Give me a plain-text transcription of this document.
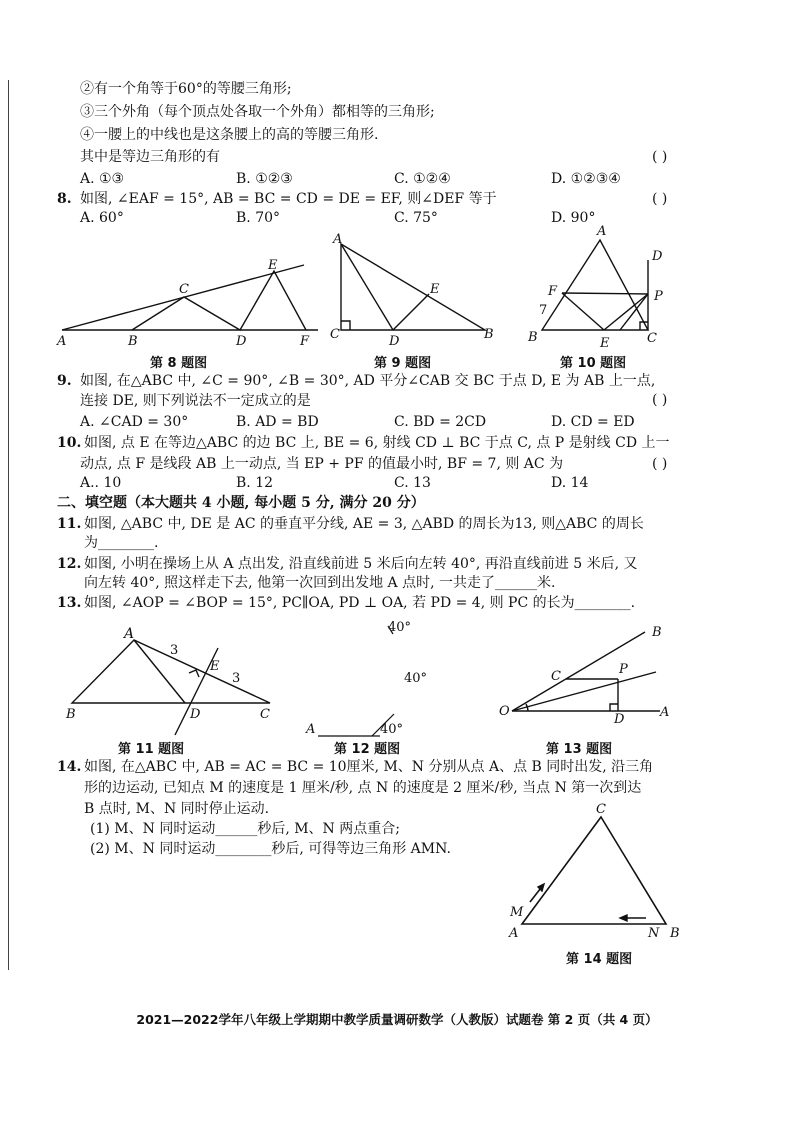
②有一个角等于60°的等腰三角形;
③三个外角（每个顶点处各取一个外角）都相等的三角形;
④一腰上的中线也是这条腰上的高的等腰三角形.
其中是等边三角形的有	( )
A. ①③	B. ①②③	C. ①②④	D. ①②③④
8. 如图, ∠EAF = 15°, AB = BC = CD = DE = EF, 则∠DEF 等于	( )
A. 60°	B. 70°	C. 75°	D. 90°
A	B
C
D
E
F
A
C	D
E
B
A
D
F	P
B	E	C
7
A
3
E
3
B	D	C
40°
40°
A	40°
B
C	P
O
D	A
C
M
A	N B
第 8 题图	第 9 题图	第 10 题图
9. 如图, 在△ABC 中, ∠C = 90°, ∠B = 30°, AD 平分∠CAB 交 BC 于点 D, E 为 AB 上一点,
连接 DE, 则下列说法不一定成立的是	( )
A. ∠CAD = 30°	B. AD = BD	C. BD = 2CD	D. CD = ED
10. 如图, 点 E 在等边△ABC 的边 BC 上, BE = 6, 射线 CD ⊥ BC 于点 C, 点 P 是射线 CD 上一
动点, 点 F 是线段 AB 上一动点, 当 EP + PF 的值最小时, BF = 7, 则 AC 为	( )
A.. 10	B. 12	C. 13	D. 14
二、填空题（本大题共 4 小题, 每小题 5 分, 满分 20 分）
11. 如图, △ABC 中, DE 是 AC 的垂直平分线, AE = 3, △ABD 的周长为13, 则△ABC 的周长
为________.
12. 如图, 小明在操场上从 A 点出发, 沿直线前进 5 米后向左转 40°, 再沿直线前进 5 米后, 又
向左转 40°, 照这样走下去, 他第一次回到出发地 A 点时, 一共走了______米.
13. 如图, ∠AOP = ∠BOP = 15°, PC∥OA, PD ⊥ OA, 若 PD = 4, 则 PC 的长为________.
第 11 题图	第 12 题图	第 13 题图
14. 如图, 在△ABC 中, AB = AC = BC = 10厘米, M、N 分别从点 A、点 B 同时出发, 沿三角
形的边运动, 已知点 M 的速度是 1 厘米/秒, 点 N 的速度是 2 厘米/秒, 当点 N 第一次到达
B 点时, M、N 同时停止运动.
(1) M、N 同时运动______秒后, M、N 两点重合;
(2) M、N 同时运动________秒后, 可得等边三角形 AMN.
第 14 题图
2021—2022学年八年级上学期期中教学质量调研数学（人教版）试题卷 第 2 页（共 4 页）
